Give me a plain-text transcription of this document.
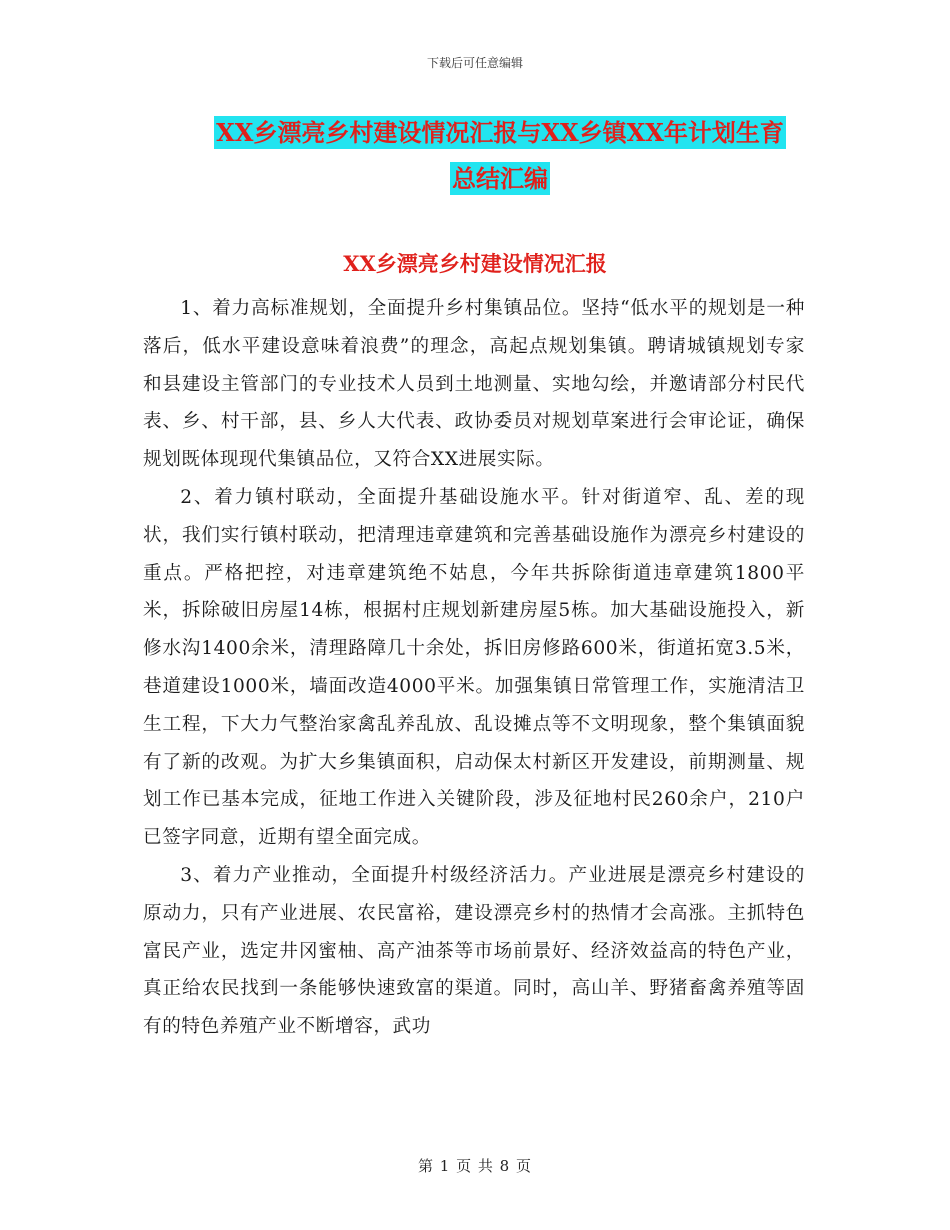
下载后可任意编辑
XX乡漂亮乡村建设情况汇报与XX乡镇XX年计划生育
总结汇编
XX乡漂亮乡村建设情况汇报

1、着力高标准规划，全面提升乡村集镇品位。坚持“低水平的规划是一种落后，低水平建设意味着浪费”的理念，高起点规划集镇。聘请城镇规划专家和县建设主管部门的专业技术人员到土地测量、实地勾绘，并邀请部分村民代表、乡、村干部，县、乡人大代表、政协委员对规划草案进行会审论证，确保规划既体现现代集镇品位，又符合XX进展实际。

2、着力镇村联动，全面提升基础设施水平。针对街道窄、乱、差的现状，我们实行镇村联动，把清理违章建筑和完善基础设施作为漂亮乡村建设的重点。严格把控，对违章建筑绝不姑息，今年共拆除街道违章建筑1800平米，拆除破旧房屋14栋，根据村庄规划新建房屋5栋。加大基础设施投入，新修水沟1400余米，清理路障几十余处，拆旧房修路600米，街道拓宽3.5米，巷道建设1000米，墙面改造4000平米。加强集镇日常管理工作，实施清洁卫生工程，下大力气整治家禽乱养乱放、乱设摊点等不文明现象，整个集镇面貌有了新的改观。为扩大乡集镇面积，启动保太村新区开发建设，前期测量、规划工作已基本完成，征地工作进入关键阶段，涉及征地村民260余户，210户已签字同意，近期有望全面完成。

3、着力产业推动，全面提升村级经济活力。产业进展是漂亮乡村建设的原动力，只有产业进展、农民富裕，建设漂亮乡村的热情才会高涨。主抓特色富民产业，选定井冈蜜柚、高产油茶等市场前景好、经济效益高的特色产业，真正给农民找到一条能够快速致富的渠道。同时，高山羊、野猪畜禽养殖等固有的特色养殖产业不断增容，武功

第 1 页 共 8 页
